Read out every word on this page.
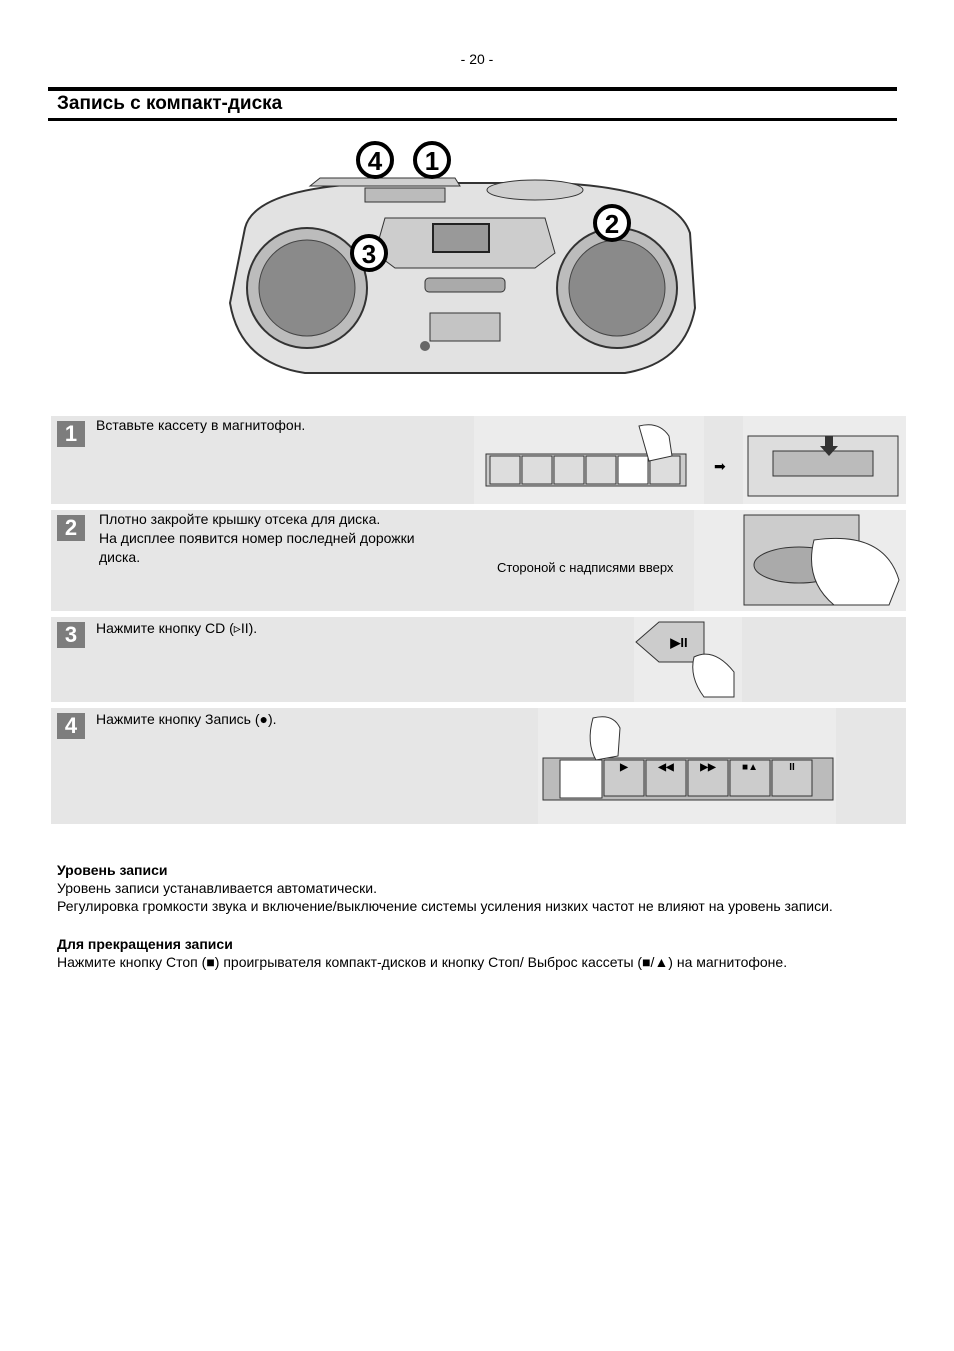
- 20 -
Запись с компакт-диска
4 1
3
2
1	Вставьте кассету в магнитофон.
➡
2	Плотно закройте крышку отсека для диска.
На дисплее появится номер последней дорожки
диска.
Стороной с надписями вверх
3	Нажмите кнопку CD (▹II).
▶II
4	Нажмите кнопку Запись (●).
▶	◀◀	▶▶	■▲	II
Уровень записи
Уровень записи устанавливается автоматически.
Регулировка громкости звука и включение/выключение системы усиления низких частот не влияют на уровень записи.
Для прекращения записи
Нажмите кнопку Стоп (■) проигрывателя компакт-дисков и кнопку Стоп/ Выброс кассеты (■/▲) на магнитофоне.
